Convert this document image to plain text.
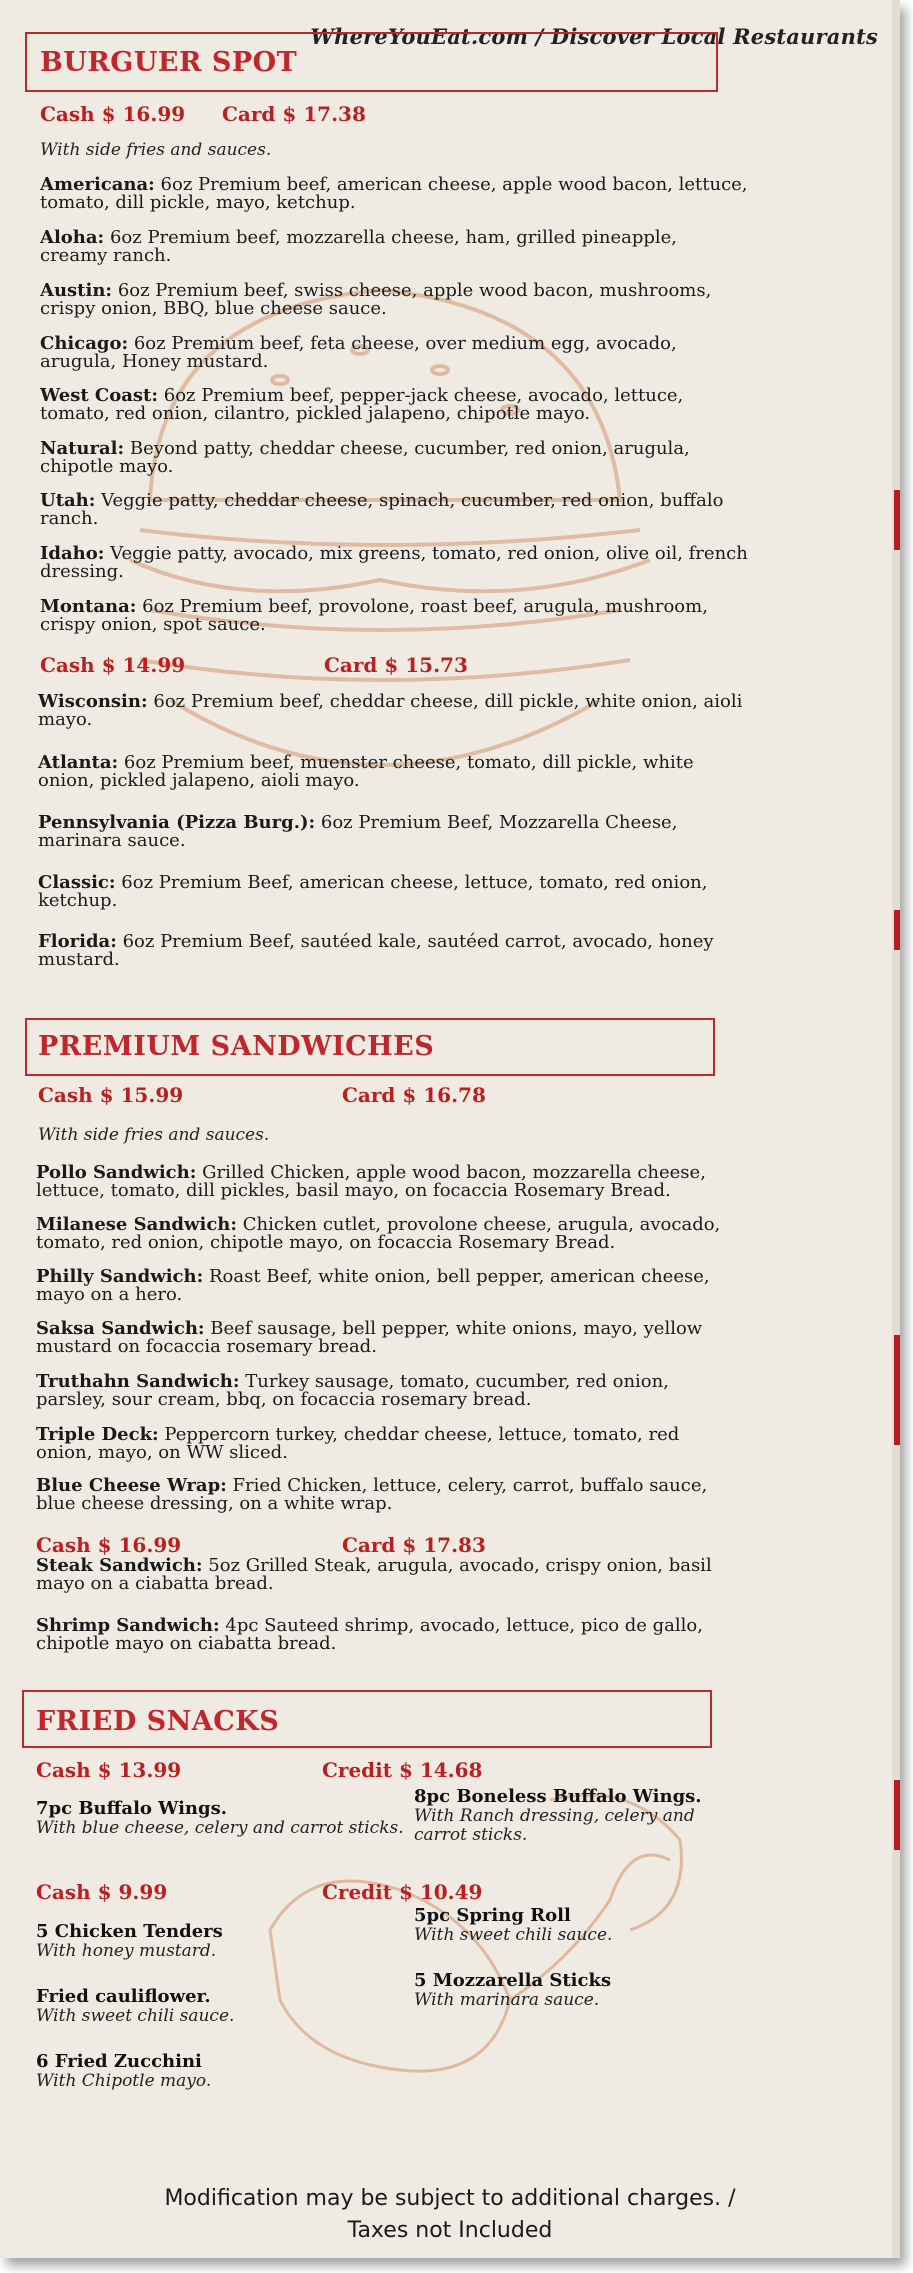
WhereYouEat.com / Discover Local Restaurants
BURGUER SPOT
Cash $ 16.99 Card $ 17.38
With side fries and sauces.
Americana: 6oz Premium beef, american cheese, apple wood bacon, lettuce, tomato, dill pickle, mayo, ketchup.
Aloha: 6oz Premium beef, mozzarella cheese, ham, grilled pineapple, creamy ranch.
Austin: 6oz Premium beef, swiss cheese, apple wood bacon, mushrooms, crispy onion, BBQ, blue cheese sauce.
Chicago: 6oz Premium beef, feta cheese, over medium egg, avocado, arugula, Honey mustard.
West Coast: 6oz Premium beef, pepper-jack cheese, avocado, lettuce, tomato, red onion, cilantro, pickled jalapeno, chipotle mayo.
Natural: Beyond patty, cheddar cheese, cucumber, red onion, arugula, chipotle mayo.
Utah: Veggie patty, cheddar cheese, spinach, cucumber, red onion, buffalo ranch.
Idaho: Veggie patty, avocado, mix greens, tomato, red onion, olive oil, french dressing.
Montana: 6oz Premium beef, provolone, roast beef, arugula, mushroom, crispy onion, spot sauce.
Cash $ 14.99	Card $ 15.73
Wisconsin: 6oz Premium beef, cheddar cheese, dill pickle, white onion, aioli mayo.
Atlanta: 6oz Premium beef, muenster cheese, tomato, dill pickle, white onion, pickled jalapeno, aioli mayo.
Pennsylvania (Pizza Burg.): 6oz Premium Beef, Mozzarella Cheese, marinara sauce.
Classic: 6oz Premium Beef, american cheese, lettuce, tomato, red onion, ketchup.
Florida: 6oz Premium Beef, sautéed kale, sautéed carrot, avocado, honey mustard.
PREMIUM SANDWICHES
Cash $ 15.99	Card $ 16.78
With side fries and sauces.
Pollo Sandwich: Grilled Chicken, apple wood bacon, mozzarella cheese, lettuce, tomato, dill pickles, basil mayo, on focaccia Rosemary Bread.
Milanese Sandwich: Chicken cutlet, provolone cheese, arugula, avocado, tomato, red onion, chipotle mayo, on focaccia Rosemary Bread.
Philly Sandwich: Roast Beef, white onion, bell pepper, american cheese, mayo on a hero.
Saksa Sandwich: Beef sausage, bell pepper, white onions, mayo, yellow mustard on focaccia rosemary bread.
Truthahn Sandwich: Turkey sausage, tomato, cucumber, red onion, parsley, sour cream, bbq, on focaccia rosemary bread.
Triple Deck: Peppercorn turkey, cheddar cheese, lettuce, tomato, red onion, mayo, on WW sliced.
Blue Cheese Wrap: Fried Chicken, lettuce, celery, carrot, buffalo sauce, blue cheese dressing, on a white wrap.
Cash $ 16.99	Card $ 17.83
Steak Sandwich: 5oz Grilled Steak, arugula, avocado, crispy onion, basil mayo on a ciabatta bread.
Shrimp Sandwich: 4pc Sauteed shrimp, avocado, lettuce, pico de gallo, chipotle mayo on ciabatta bread.
FRIED SNACKS
Cash $ 13.99	Credit $ 14.68
7pc Buffalo Wings.
With blue cheese, celery and carrot sticks.
8pc Boneless Buffalo Wings.
With Ranch dressing, celery and carrot sticks.
Cash $ 9.99	Credit $ 10.49
5 Chicken Tenders
With honey mustard.
Fried cauliflower.
With sweet chili sauce.
6 Fried Zucchini
With Chipotle mayo.
5pc Spring Roll
With sweet chili sauce.
5 Mozzarella Sticks
With marinara sauce.
Modification may be subject to additional charges. /
Taxes not Included
